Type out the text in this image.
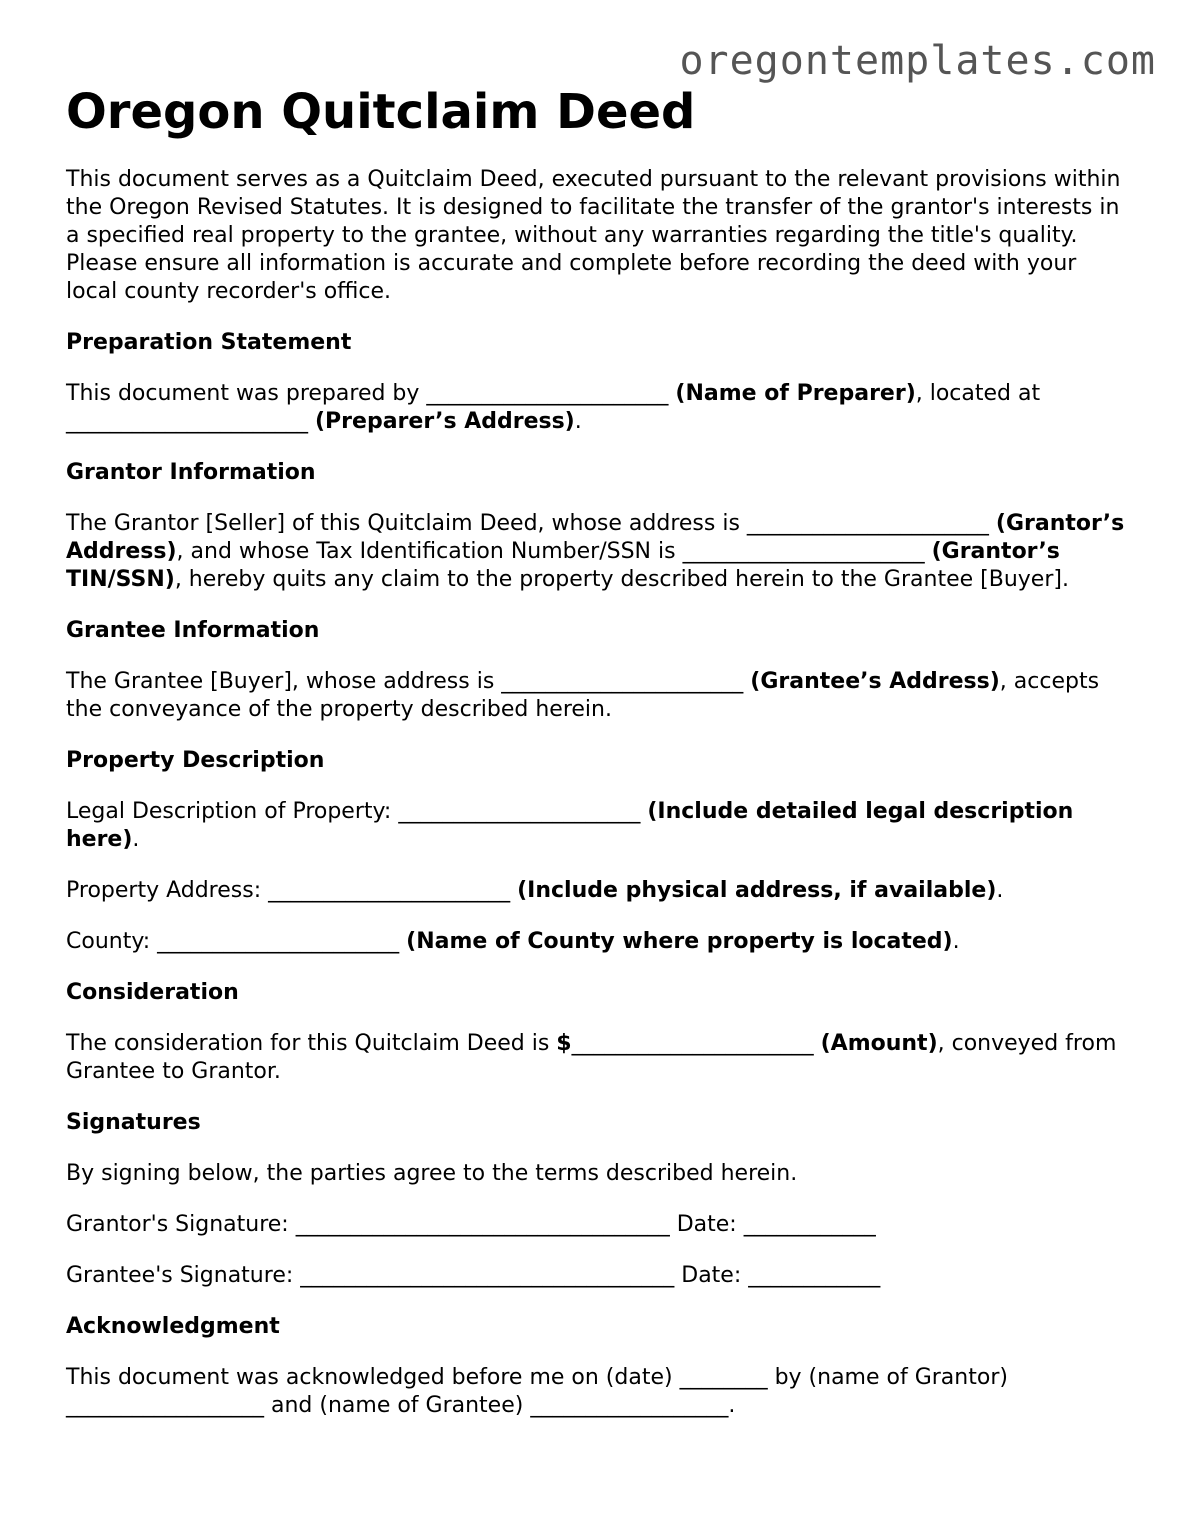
oregontemplates.com
Oregon Quitclaim Deed

This document serves as a Quitclaim Deed, executed pursuant to the relevant provisions within the Oregon Revised Statutes. It is designed to facilitate the transfer of the grantor's interests in a specified real property to the grantee, without any warranties regarding the title's quality. Please ensure all information is accurate and complete before recording the deed with your local county recorder's office.

Preparation Statement

This document was prepared by ______________________ (Name of Preparer), located at ______________________ (Preparer’s Address).

Grantor Information

The Grantor [Seller] of this Quitclaim Deed, whose address is ______________________ (Grantor’s Address), and whose Tax Identification Number/SSN is ______________________ (Grantor’s TIN/SSN), hereby quits any claim to the property described herein to the Grantee [Buyer].

Grantee Information

The Grantee [Buyer], whose address is ______________________ (Grantee’s Address), accepts the conveyance of the property described herein.

Property Description

Legal Description of Property: ______________________ (Include detailed legal description here).

Property Address: ______________________ (Include physical address, if available).

County: ______________________ (Name of County where property is located).

Consideration

The consideration for this Quitclaim Deed is $______________________ (Amount), conveyed from Grantee to Grantor.

Signatures

By signing below, the parties agree to the terms described herein.

Grantor's Signature: __________________________________ Date: ____________

Grantee's Signature: __________________________________ Date: ____________

Acknowledgment

This document was acknowledged before me on (date) ________ by (name of Grantor) __________________ and (name of Grantee) __________________.
